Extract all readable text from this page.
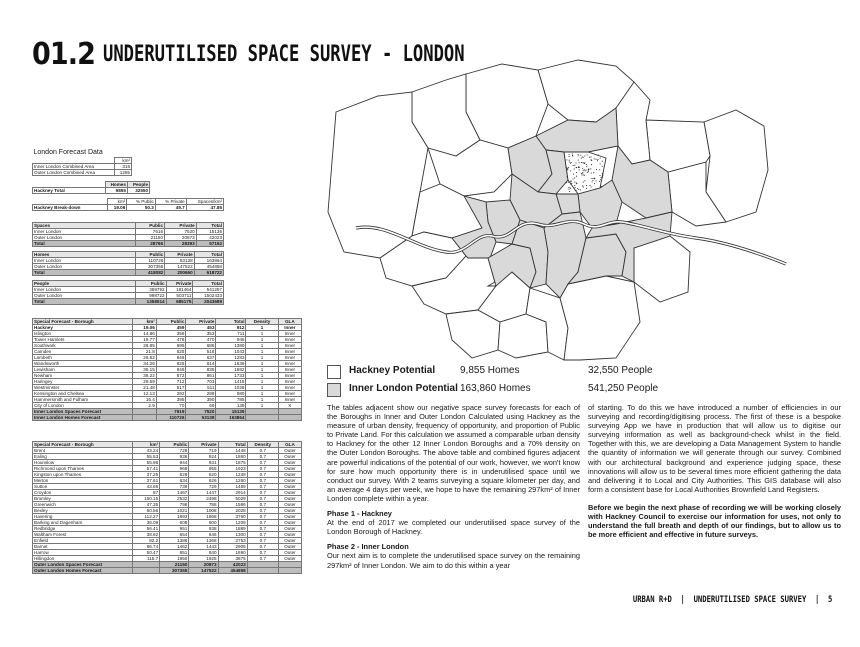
01.2 UNDERUTILISED SPACE SURVEY - LONDON
London Forecast Data	
	km²
Inner London Combined Area	316
Outer London Combined Area	1255
	Homes	People
Hackney Total	9855	32550
	km²	% Public	% Private	Spaces/km²
Hackney Break-down	19.06	50.3	49.7	47.85
Spaces	Public	Private	Total
Inner London	7616	7520	15136
Outer London	21150	20873	42023
Total	28766	28393	57162
Homes	Public	Private	Total
Inner London	110726	53138	163864
Outer London	307355	147522	454858
Total	418082	200660	618722
People	Public	Private	Total
Inner London	359792	181464	541257
Outer London	998722	503711	1502433
Total	1358514	685175	2043689
Special Forecast - Borough	km²	Public	Private	Total	Density	GLA
Hackney	19.06	459	453	912	1	Inner
Islington	14.86	358	353	711	1	Inner
Tower Hamlets	19.77	476	470	945	1	Inner
Southwark	28.85	695	686	1380	1	Inner
Camden	21.8	525	518	1043	1	Inner
Lambeth	26.82	646	637	1283	1	Inner
Wandsworth	34.26	825	814	1639	1	Inner
Lewisham	35.15	846	835	1682	1	Inner
Newham	36.22	872	861	1733	1	Inner
Haringey	29.59	712	703	1415	1	Inner
Westminster	21.48	517	511	1028	1	Inner
Kensington and Chelsea	12.13	292	288	580	1	Inner
Hammersmith and Fulham	16.4	395	390	785	1	Inner
City of London	2.9	70	69	139	1	X
Inner London Spaces Forecast		7619	7520	15139		
Inner London Homes Forecast		110726	53138	163864		
Special Forecast - Borough	km²	Public	Private	Total	Density	GLA
Brent	43.24	729	719	1448	0.7	Outer
Ealing	55.53	936	924	1860	0.7	Outer
Hounslow	55.98	944	931	1875	0.7	Outer
Richmond upon Thames	57.41	968	955	1923	0.7	Outer
Kingston upon Thames	37.25	628	620	1248	0.7	Outer
Merton	37.61	634	626	1260	0.7	Outer
Sutton	43.85	739	729	1469	0.7	Outer
Croydon	87	1467	1447	2914	0.7	Outer
Bromley	150.15	2532	2498	5029	0.7	Outer
Greenwich	47.35	798	788	1586	0.7	Outer
Bexley	60.56	1021	1008	2028	0.7	Outer
Havering	112.27	1893	1868	3760	0.7	Outer
Barking and Dagenham	36.09	608	600	1209	0.7	Outer
Redbridge	56.41	951	938	1889	0.7	Outer
Waltham Forest	38.82	654	646	1300	0.7	Outer
Enfield	82.2	1386	1368	2753	0.7	Outer
Barnet	86.74	1462	1443	2905	0.7	Outer
Harrow	50.47	851	840	1690	0.7	Outer
Hillingdon	115.7	1950	1925	3875	0.7	Outer
Outer London Spaces Forecast		21150	20873	42023		
Outer London Homes Forecast		307355	147522	454858		
Hackney Potential 9,855 Homes	32,550 People
Inner London Potential 163,860 Homes	541,250 People

The tables adjacent show our negative space survey forecasts for each of the Boroughs in Inner and Outer London Calculated using Hackney as the measure of urban density, frequency of opportunity, and proportion of Public to Private Land. For this calculation we assumed a comparable urban density to Hackney for the other 12 Inner London Boroughs and a 70% density on the Outer London Boroughs. The above table and combined figures adjacent are powerful indications of the potential of our work, however, we won't know for sure how much opportunity there is in underutilised space until we conduct our survey. With 2 teams surveying a square kilometer per day, and an average 4 days per week, we hope to have the remaining 297km² of Inner London complete within a year.

Phase 1 - Hackney

At the end of 2017 we completed our underutilised space survey of the London Borough of Hackney.

Phase 2 - Inner London

Our next aim is to complete the underutilised space survey on the remaining 297km² of Inner London. We aim to do this within a year

of starting. To do this we have introduced a number of efficiencies in our surveying and recording/digitising process. The first of these is a bespoke surveying App we have in production that will allow us to digitise our surveying information as well as background-check whilst in the field. Together with this, we are developing a Data Management System to handle the quantity of information we will generate through our survey. Combined with our architectural background and experience judging space, these innovations will allow us to be several times more efficient gathering the data and delivering it to Local and City Authorities. This GIS database will also form a consistent base for Local Authorities Brownfield Land Registers.

Before we begin the next phase of recording we will be working closely with Hackney Council to exercise our information for uses, not only to understand the full breath and depth of our findings, but to allow us to be more efficient and effective in future surveys.

URBAN R+D  |  UNDERUTILISED SPACE SURVEY  |  5
